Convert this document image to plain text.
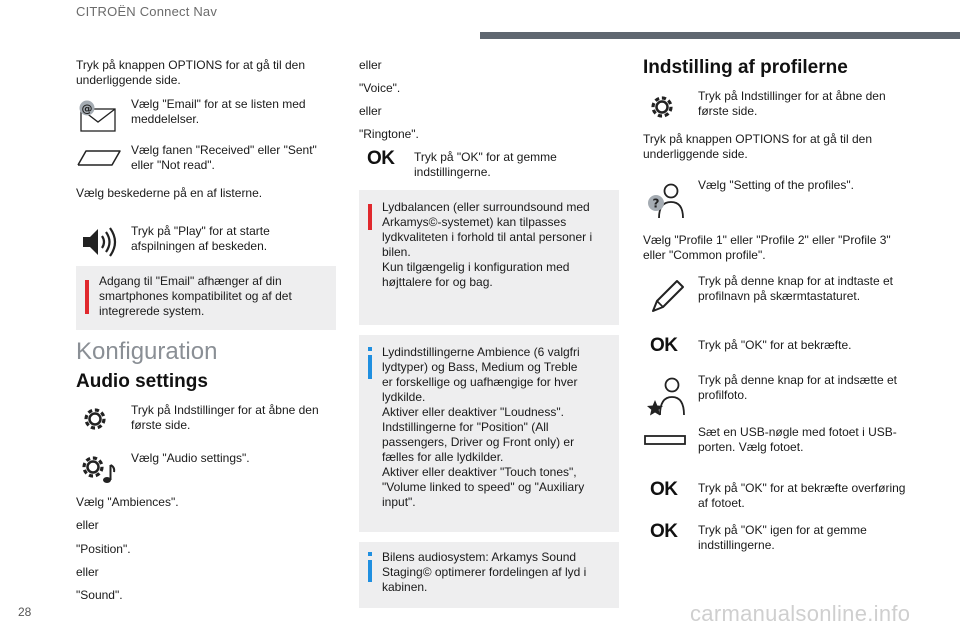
CITROËN Connect Nav

Tryk på knappen OPTIONS for at gå til den underliggende side.

@	Vælg "Email" for at se listen med meddelelser.

Vælg fanen "Received" eller "Sent" eller "Not read".

Vælg beskederne på en af listerne.

Tryk på "Play" for at starte afspilningen af beskeden.

Adgang til "Email" afhænger af din smartphones kompatibilitet og af det integrerede system.

Konfiguration
Audio settings

Tryk på Indstillinger for at åbne den første side.

Vælg "Audio settings".

Vælg "Ambiences".

eller

"Position".

eller

"Sound".

eller

"Voice".

eller

"Ringtone".

OK Tryk på "OK" for at gemme indstillingerne.

Lydbalancen (eller surroundsound med
Arkamys©-systemet) kan tilpasses
lydkvaliteten i forhold til antal personer i
bilen.
Kun tilgængelig i konfiguration med
højttalere for og bag.
Lydindstillingerne Ambience (6 valgfri
lydtyper) og Bass, Medium og Treble
er forskellige og uafhængige for hver
lydkilde.
Aktiver eller deaktiver "Loudness".
Indstillingerne for "Position" (All
passengers, Driver og Front only) er
fælles for alle lydkilder.
Aktiver eller deaktiver "Touch tones",
"Volume linked to speed" og "Auxiliary
input".
Bilens audiosystem: Arkamys Sound
Staging© optimerer fordelingen af lyd i
kabinen.
Indstilling af profilerne

Tryk på Indstillinger for at åbne den første side.

Tryk på knappen OPTIONS for at gå til den underliggende side.

?

Vælg "Setting of the profiles".

Vælg "Profile 1" eller "Profile 2" eller "Profile 3" eller "Common profile".

Tryk på denne knap for at indtaste et profilnavn på skærmtastaturet.

OK Tryk på "OK" for at bekræfte.

Tryk på denne knap for at indsætte et profilfoto.

Sæt en USB-nøgle med fotoet i USB-porten. Vælg fotoet.

OK Tryk på "OK" for at bekræfte overføring af fotoet.

OK Tryk på "OK" igen for at gemme indstillingerne.

28	carmanualsonline.info
